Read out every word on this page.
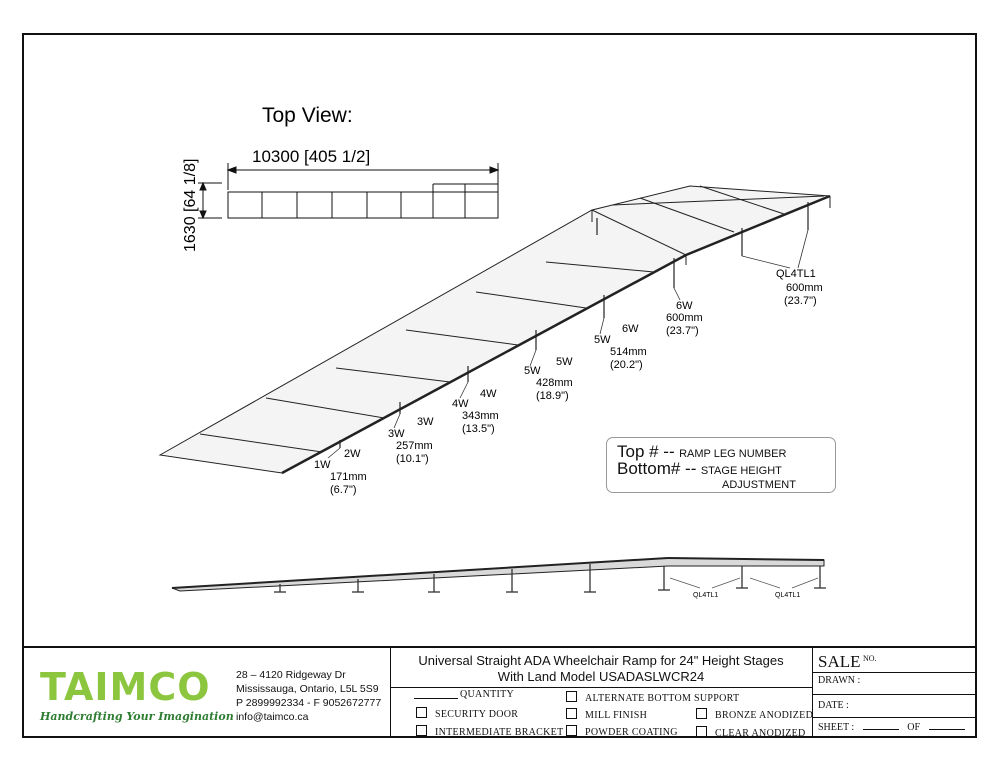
Top View:
10300 [405 1/2]
1630 [64 1/8]
1W
2W
171mm
(6.7")
3W
3W
257mm
(10.1")
4W
4W
343mm
(13.5")
5W
5W
428mm
(18.9")
5W
6W
514mm
(20.2")
6W
600mm
(23.7")
QL4TL1
600mm
(23.7")
QL4TL1	QL4TL1
Top # -- RAMP LEG NUMBER
Bottom# -- STAGE HEIGHT
ADJUSTMENT
TAIMCO
Handcrafting Your Imagination
28 – 4120 Ridgeway Dr
Mississauga, Ontario, L5L 5S9
P 2899992334 - F 9052672777
info@taimco.ca
Universal Straight ADA Wheelchair Ramp for 24" Height Stages
With Land Model USADASLWCR24
QUANTITY
SECURITY DOOR
INTERMEDIATE BRACKET
ALTERNATE BOTTOM SUPPORT
MILL FINISH
POWDER COATING
BRONZE ANODIZED
CLEAR ANODIZED
SALE $^{NO.}$
DRAWN :
DATE :
SHEET :	OF
